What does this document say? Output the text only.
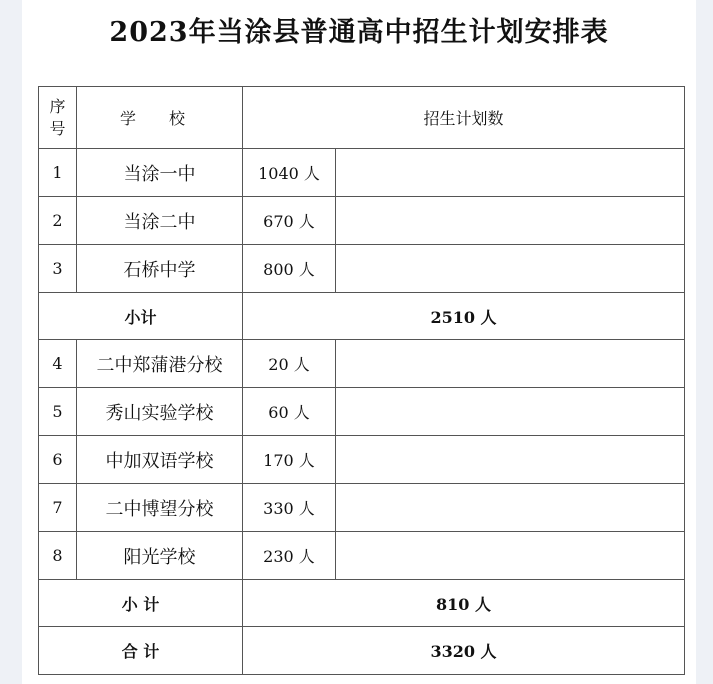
2023年当涂县普通高中招生计划安排表
序
号	学 校	招生计划数	
1	当涂一中	1040 人	
2	当涂二中	670 人	
3	石桥中学	800 人	
小计		2510 人	
4	二中郑蒲港分校	20 人	
5	秀山实验学校	60 人	
6	中加双语学校	170 人	
7	二中博望分校	330 人	
8	阳光学校	230 人	
小 计		810 人	
合 计		3320 人	
